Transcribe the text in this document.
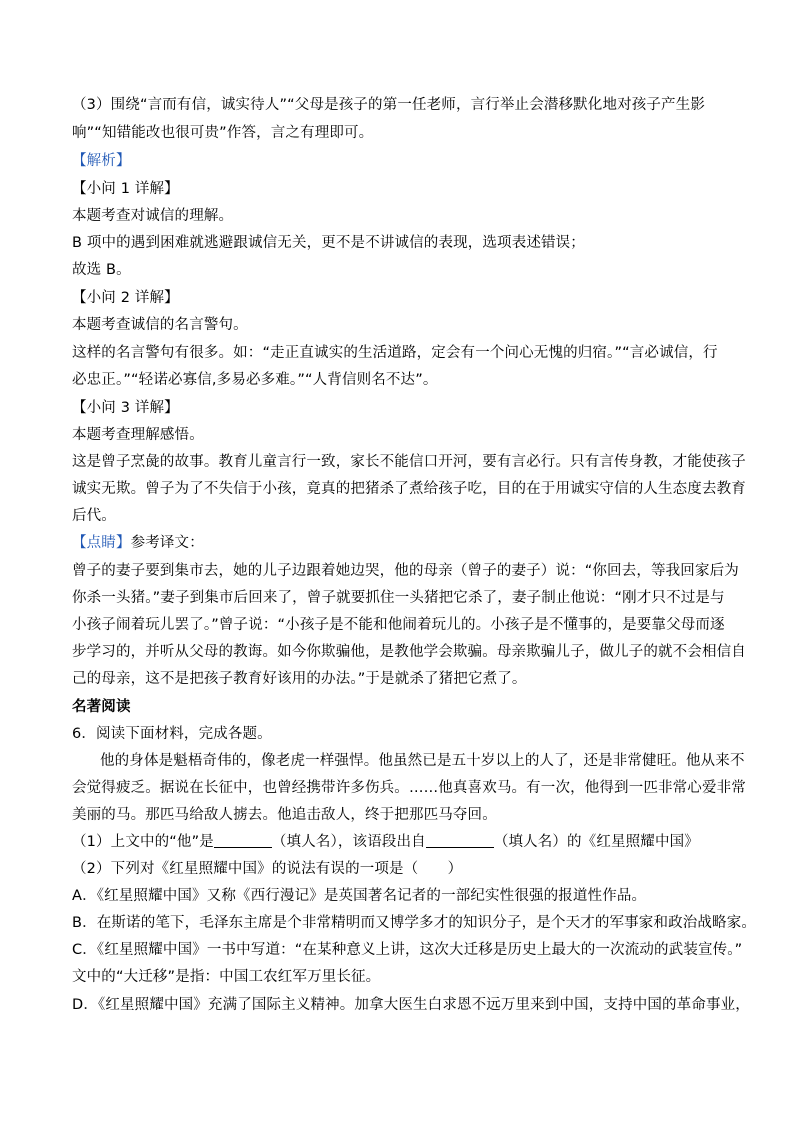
（3）围绕“言而有信，诚实待人”“父母是孩子的第一任老师，言行举止会潜移默化地对孩子产生影
响”“知错能改也很可贵”作答，言之有理即可。
【解析】
【小问 1 详解】
本题考查对诚信的理解。
B 项中的遇到困难就逃避跟诚信无关，更不是不讲诚信的表现，选项表述错误；
故选 B。
【小问 2 详解】
本题考查诚信的名言警句。
这样的名言警句有很多。如：“走正直诚实的生活道路，定会有一个问心无愧的归宿。”“言必诚信，行
必忠正。”“轻诺必寡信,多易必多难。”“人背信则名不达”。
【小问 3 详解】
本题考查理解感悟。
这是曾子烹彘的故事。教育儿童言行一致，家长不能信口开河，要有言必行。只有言传身教，才能使孩子
诚实无欺。曾子为了不失信于小孩，竟真的把猪杀了煮给孩子吃，目的在于用诚实守信的人生态度去教育
后代。
【点睛】参考译文：
曾子的妻子要到集市去，她的儿子边跟着她边哭，他的母亲（曾子的妻子）说：“你回去，等我回家后为
你杀一头猪。”妻子到集市后回来了，曾子就要抓住一头猪把它杀了，妻子制止他说：“刚才只不过是与
小孩子闹着玩儿罢了。”曾子说：“小孩子是不能和他闹着玩儿的。小孩子是不懂事的，是要靠父母而逐
步学习的，并听从父母的教诲。如今你欺骗他，是教他学会欺骗。母亲欺骗儿子，做儿子的就不会相信自
己的母亲，这不是把孩子教育好该用的办法。”于是就杀了猪把它煮了。
名著阅读
6．阅读下面材料，完成各题。
他的身体是魁梧奇伟的，像老虎一样强悍。他虽然已是五十岁以上的人了，还是非常健旺。他从来不
会觉得疲乏。据说在长征中，也曾经携带许多伤兵。……他真喜欢马。有一次，他得到一匹非常心爱非常
美丽的马。那匹马给敌人掳去。他追击敌人，终于把那匹马夺回。
（1）上文中的“他”是	（填人名），该语段出自	（填人名）的《红星照耀中国》
（2）下列对《红星照耀中国》的说法有误的一项是（　　）
A．《红星照耀中国》又称《西行漫记》是英国著名记者的一部纪实性很强的报道性作品。
B．在斯诺的笔下，毛泽东主席是个非常精明而又博学多才的知识分子，是个天才的军事家和政治战略家。
C．《红星照耀中国》一书中写道：“在某种意义上讲，这次大迁移是历史上最大的一次流动的武装宣传。”
文中的“大迁移”是指：中国工农红军万里长征。
D．《红星照耀中国》充满了国际主义精神。加拿大医生白求恩不远万里来到中国，支持中国的革命事业，
